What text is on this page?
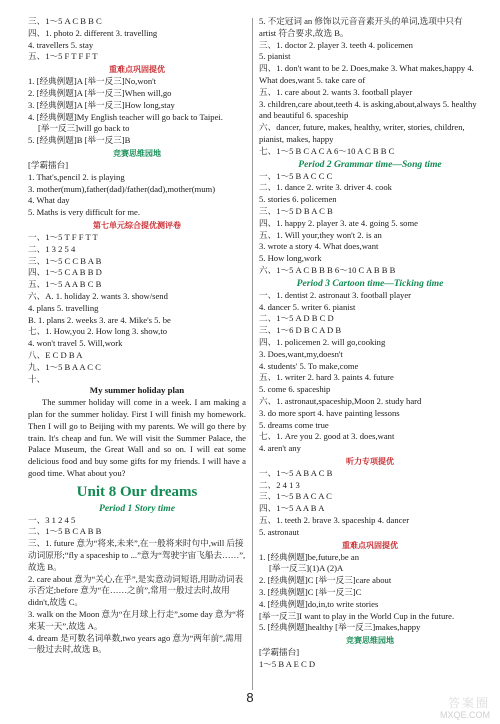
三、1～5 A C B B C
四、1. photo 2. different 3. travelling
4. travellers 5. stay
五、1～5 F T F F T
重难点巩固提优
1. [经典例题]A [举一反三]No,won't
2. [经典例题]A [举一反三]When will,go
3. [经典例题]A [举一反三]How long,stay
4. [经典例题]My English teacher will go back to Taipei.
[举一反三]will go back to
5. [经典例题]B [举一反三]B
竞赛思维园地
[学霸擂台]
1. That's,pencil 2. is playing
3. mother(mum),father(dad)/father(dad),mother(mum)
4. What day
5. Maths is very difficult for me.
第七单元综合提优测评卷
一、1～5 T F F T T
二、1 3 2 5 4
三、1～5 C C B A B
四、1～5 C A B B D
五、1～5 A A B C B
六、A. 1. holiday 2. wants 3. show/send
4. plans 5. travelling
B. 1. plans 2. weeks 3. are 4. Mike's 5. be
七、1. How,you 2. How long 3. show,to
4. won't travel 5. Will,work
八、E C D B A
九、1～5 B A A C C
十、
My summer holiday plan
The summer holiday will come in a week. I am making a plan for the summer holiday. First I will finish my homework. Then I will go to Beijing with my parents. We will go there by train. It's cheap and fun. We will visit the Summer Palace, the Palace Museum, the Great Wall and so on. I will eat some delicious food and buy some gifts for my friends. I will have a good time. What about you?
Unit 8 Our dreams
Period 1 Story time
一、3 1 2 4 5
二、1～5 B C A B B
三、1. future 意为“将来,未来”,在一般将来时句中,will 后接动词原形;“fly a spaceship to ...”意为“驾驶宇宙飞船去……”,故选 B。
2. care about 意为“关心,在乎”,是实意动词短语,用助动词表示否定;before 意为“在……之前”,常用一般过去时,故用 didn't,故选 C。
3. walk on the Moon 意为“在月球上行走”,some day 意为“将来某一天”,故选 A。
4. dream 是可数名词单数,two years ago 意为“两年前”,需用一般过去时,故选 B。
5. 不定冠词 an 修饰以元音音素开头的单词,选项中只有 artist 符合要求,故选 B。
三、1. doctor 2. player 3. teeth 4. policemen
5. pianist
四、1. don't want to be 2. Does,make 3. What makes,happy 4. What does,want 5. take care of
五、1. care about 2. wants 3. football player
3. children,care about,teeth 4. is asking,about,always 5. healthy and beautiful 6. spaceship
六、dancer, future, makes, healthy, writer, stories, children, pianist, makes, happy
七、1～5 B C A C A 6～10 A C B B C
Period 2 Grammar time—Song time
一、1～5 B A C C C
二、1. dance 2. write 3. driver 4. cook
5. stories 6. policemen
三、1～5 D B A C B
四、1. happy 2. player 3. ate 4. going 5. some
五、1. Will your,they won't 2. is an
3. wrote a story 4. What does,want
5. How long,work
六、1～5 A C B B B 6～10 C A B B B
Period 3 Cartoon time—Ticking time
一、1. dentist 2. astronaut 3. football player
4. dancer 5. writer 6. pianist
二、1～5 A D B C D
三、1～6 D B C A D B
四、1. policemen 2. will go,cooking
3. Does,want,my,doesn't
4. students' 5. To make,come
五、1. writer 2. hard 3. paints 4. future
5. come 6. spaceship
六、1. astronaut,spaceship,Moon 2. study hard
3. do more sport 4. have painting lessons
5. dreams come true
七、1. Are you 2. good at 3. does,want
4. aren't any
听力专项提优
一、1～5 A B A C B
二、2 4 1 3
三、1～5 B A C A C
四、1～5 A A B A
五、1. teeth 2. brave 3. spaceship 4. dancer
5. astronaut
重难点巩固提优
1. [经典例题]be,future,be an
[举一反三](1)A (2)A
2. [经典例题]C [举一反三]care about
3. [经典例题]C [举一反三]C
4. [经典例题]do,in,to write stories
[举一反三]I want to play in the World Cup in the future.
5. [经典例题]healthy [举一反三]makes,happy
竞赛思维园地
[学霸擂台]
1～5 B A E C D
8	答案圈
MXQE.COM
